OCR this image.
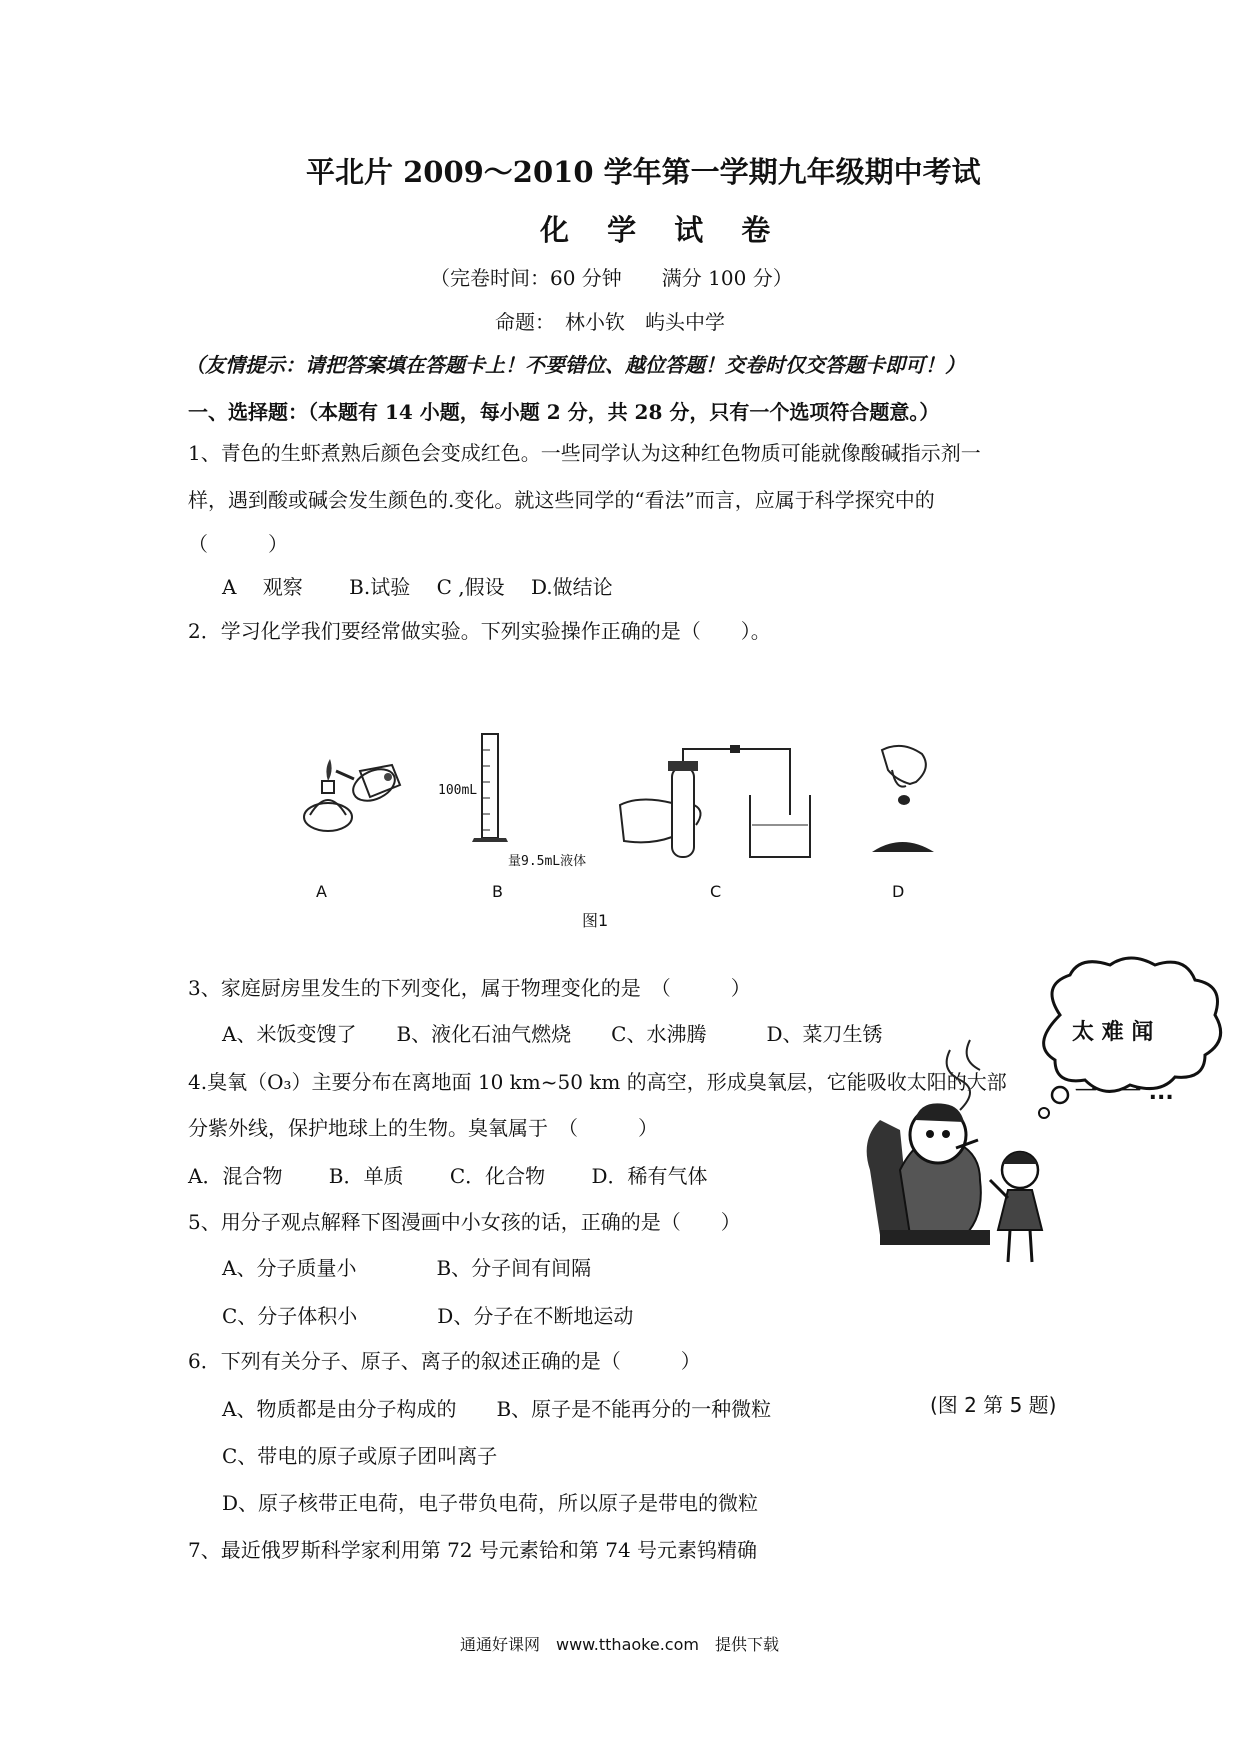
平北片 2009～2010 学年第一学期九年级期中考试
化 学 试 卷
（完卷时间：60 分钟　　满分 100 分）
命题：　林小钦　屿头中学
（友情提示：请把答案填在答题卡上！不要错位、越位答题！交卷时仅交答题卡即可！）
一、选择题：（本题有 14 小题，每小题 2 分，共 28 分，只有一个选项符合题意。）
1、青色的生虾煮熟后颜色会变成红色。一些同学认为这种红色物质可能就像酸碱指示剂一
样，遇到酸或碱会发生颜色的.变化。就这些同学的“看法”而言，应属于科学探究中的
（　　　）
A　 观察　　 B.试验　 C ,假设　 D.做结论
2．学习化学我们要经常做实验。下列实验操作正确的是（　　）。
100mL
量9.5mL液体
A	B	C	D
图1
3、家庭厨房里发生的下列变化，属于物理变化的是　（　　　）
A、米饭变馊了　　B、液化石油气燃烧　　C、水沸腾　　　D、菜刀生锈
4.臭氧（O₃）主要分布在离地面 10 km~50 km 的高空，形成臭氧层，它能吸收太阳的大部
分紫外线，保护地球上的生物。臭氧属于　（　　　）
A．混合物　　 B．单质　　 C．化合物　　 D．稀有气体
太 难 闻
一　一 ...
5、用分子观点解释下图漫画中小女孩的话，正确的是（　　）
A、分子质量小　　　　B、分子间有间隔
C、分子体积小　　　　D、分子在不断地运动
6．下列有关分子、原子、离子的叙述正确的是（　　　）
A、物质都是由分子构成的　　B、原子是不能再分的一种微粒	(图 2 第 5 题)
C、带电的原子或原子团叫离子
D、原子核带正电荷，电子带负电荷，所以原子是带电的微粒
7、最近俄罗斯科学家利用第 72 号元素铪和第 74 号元素钨精确
通通好课网　www.tthaoke.com　提供下载
